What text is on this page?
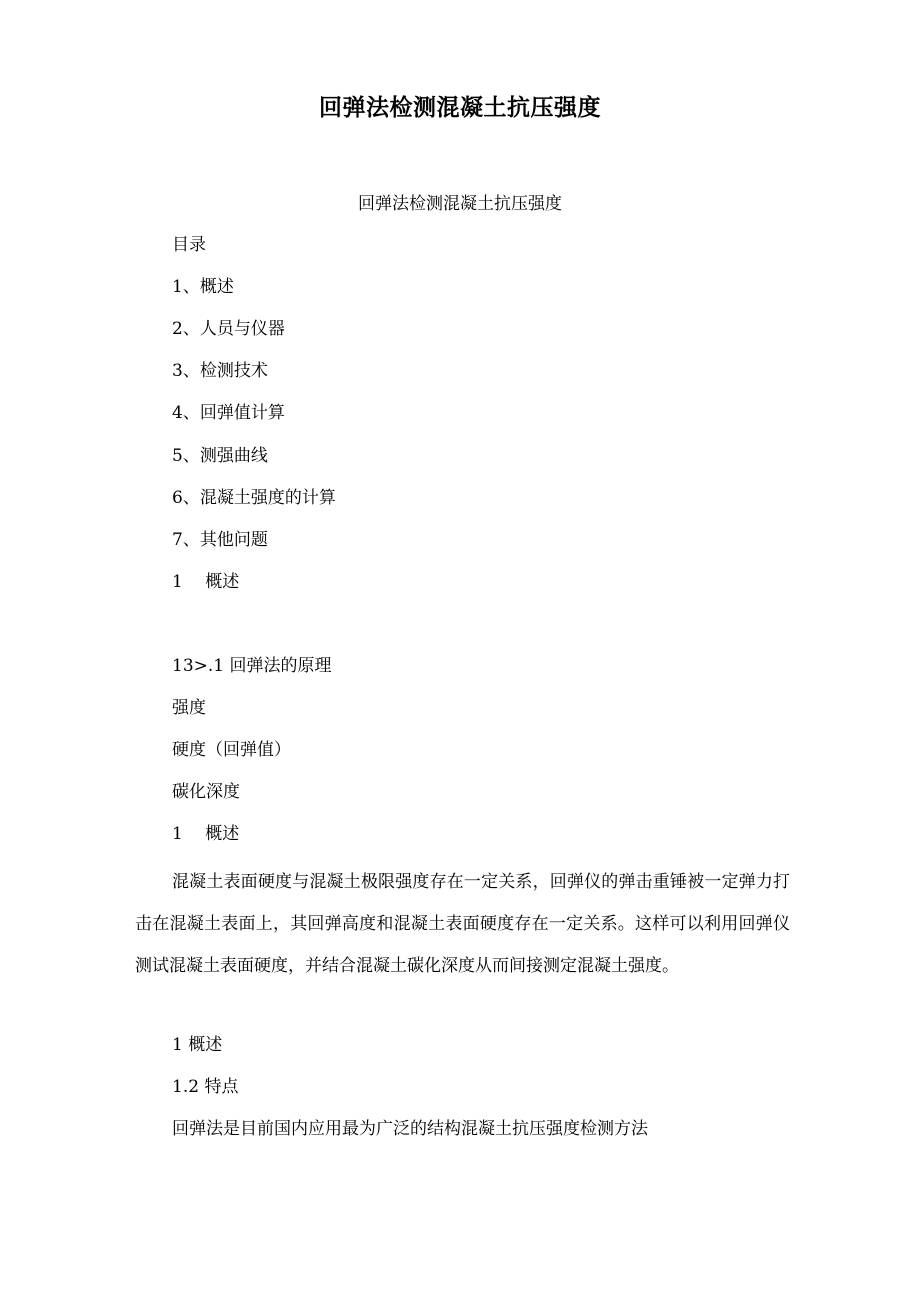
回弹法检测混凝土抗压强度
回弹法检测混凝土抗压强度
目录
1、概述
2、人员与仪器
3、检测技术
4、回弹值计算
5、测强曲线
6、混凝土强度的计算
7、其他问题
1　 概述
13>.1 回弹法的原理
强度
硬度（回弹值）
碳化深度
1　 概述
混凝土表面硬度与混凝土极限强度存在一定关系，回弹仪的弹击重锤被一定弹力打击在混凝土表面上，其回弹高度和混凝土表面硬度存在一定关系。这样可以利用回弹仪测试混凝土表面硬度，并结合混凝土碳化深度从而间接测定混凝土强度。
1 概述
1.2 特点
回弹法是目前国内应用最为广泛的结构混凝土抗压强度检测方法
